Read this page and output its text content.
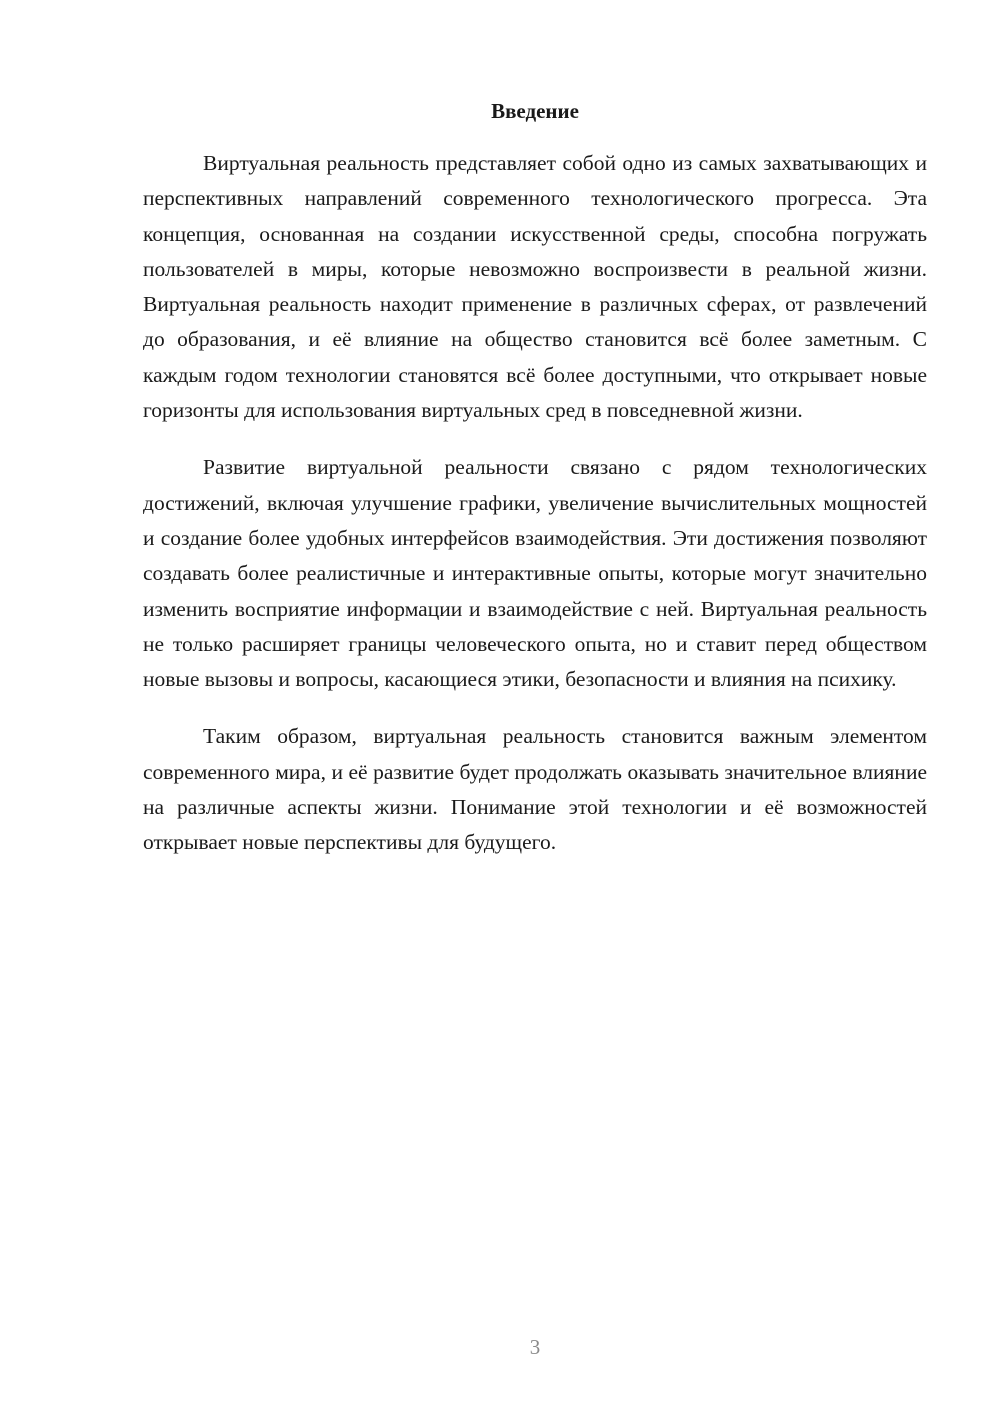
Введение

Виртуальная реальность представляет собой одно из самых захватывающих и перспективных направлений современного технологического прогресса. Эта концепция, основанная на создании искусственной среды, способна погружать пользователей в миры, которые невозможно воспроизвести в реальной жизни. Виртуальная реальность находит применение в различных сферах, от развлечений до образования, и её влияние на общество становится всё более заметным. С каждым годом технологии становятся всё более доступными, что открывает новые горизонты для использования виртуальных сред в повседневной жизни.

Развитие виртуальной реальности связано с рядом технологических достижений, включая улучшение графики, увеличение вычислительных мощностей и создание более удобных интерфейсов взаимодействия. Эти достижения позволяют создавать более реалистичные и интерактивные опыты, которые могут значительно изменить восприятие информации и взаимодействие с ней. Виртуальная реальность не только расширяет границы человеческого опыта, но и ставит перед обществом новые вызовы и вопросы, касающиеся этики, безопасности и влияния на психику.

Таким образом, виртуальная реальность становится важным элементом современного мира, и её развитие будет продолжать оказывать значительное влияние на различные аспекты жизни. Понимание этой технологии и её возможностей открывает новые перспективы для будущего.

3
